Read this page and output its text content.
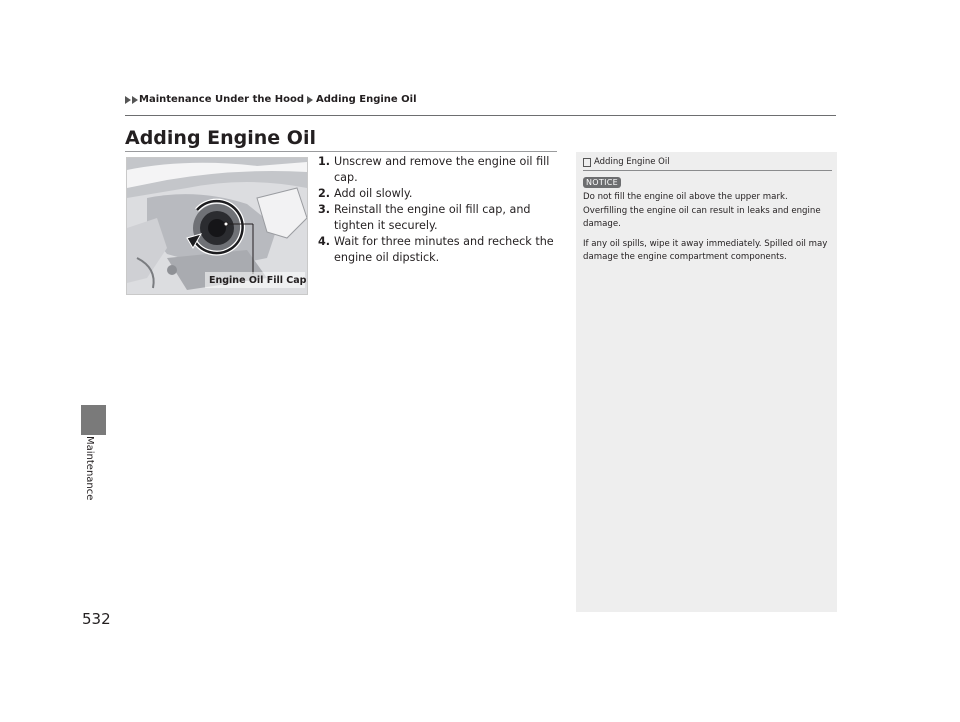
Maintenance Under the Hood Adding Engine Oil
Adding Engine Oil
Maintenance
Engine Oil Fill Cap
1. Unscrew and remove the engine oil fill cap.
2. Add oil slowly.
3. Reinstall the engine oil fill cap, and tighten it securely.
4. Wait for three minutes and recheck the engine oil dipstick.
Adding Engine Oil
NOTICE

Do not fill the engine oil above the upper mark. Overfilling the engine oil can result in leaks and engine damage.

If any oil spills, wipe it away immediately. Spilled oil may damage the engine compartment components.

532
